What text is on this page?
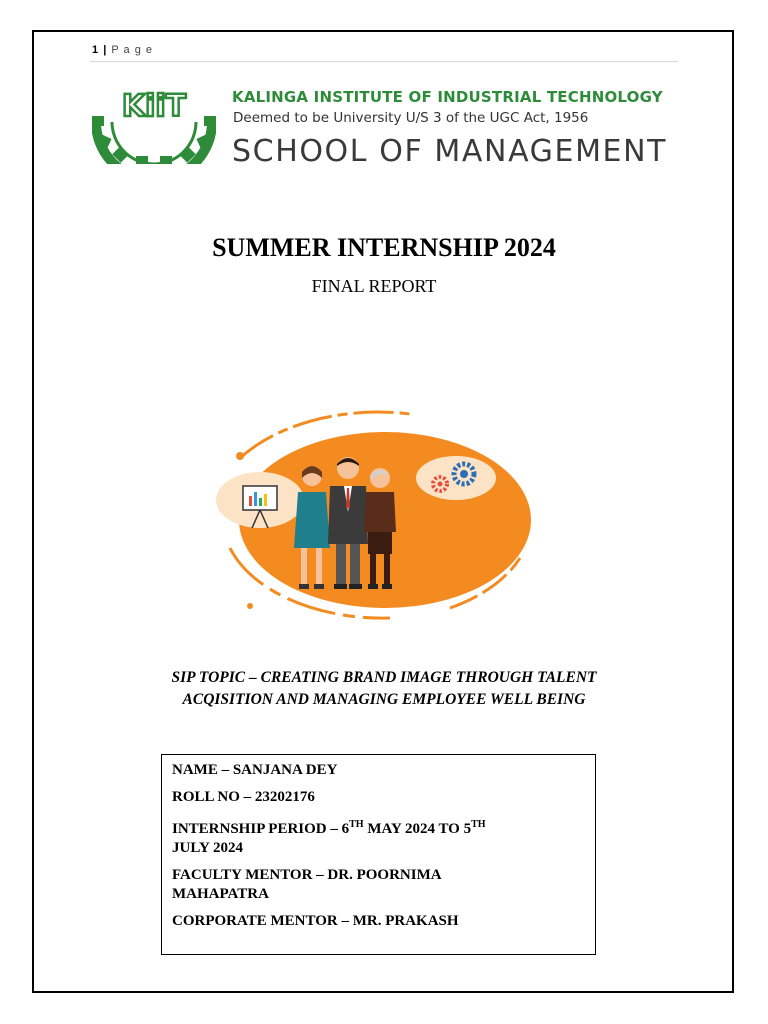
1 | P a g e
KiiT	KALINGA INSTITUTE OF INDUSTRIAL TECHNOLOGY
Deemed to be University U/S 3 of the UGC Act, 1956
SCHOOL OF MANAGEMENT
SUMMER INTERNSHIP 2024
FINAL REPORT
SIP TOPIC – CREATING BRAND IMAGE THROUGH TALENT
ACQISITION AND MANAGING EMPLOYEE WELL BEING
NAME – SANJANA DEY
ROLL NO – 23202176
INTERNSHIP PERIOD – 6TH MAY 2024 TO 5TH
JULY 2024
FACULTY MENTOR – DR. POORNIMA
MAHAPATRA
CORPORATE MENTOR – MR. PRAKASH
